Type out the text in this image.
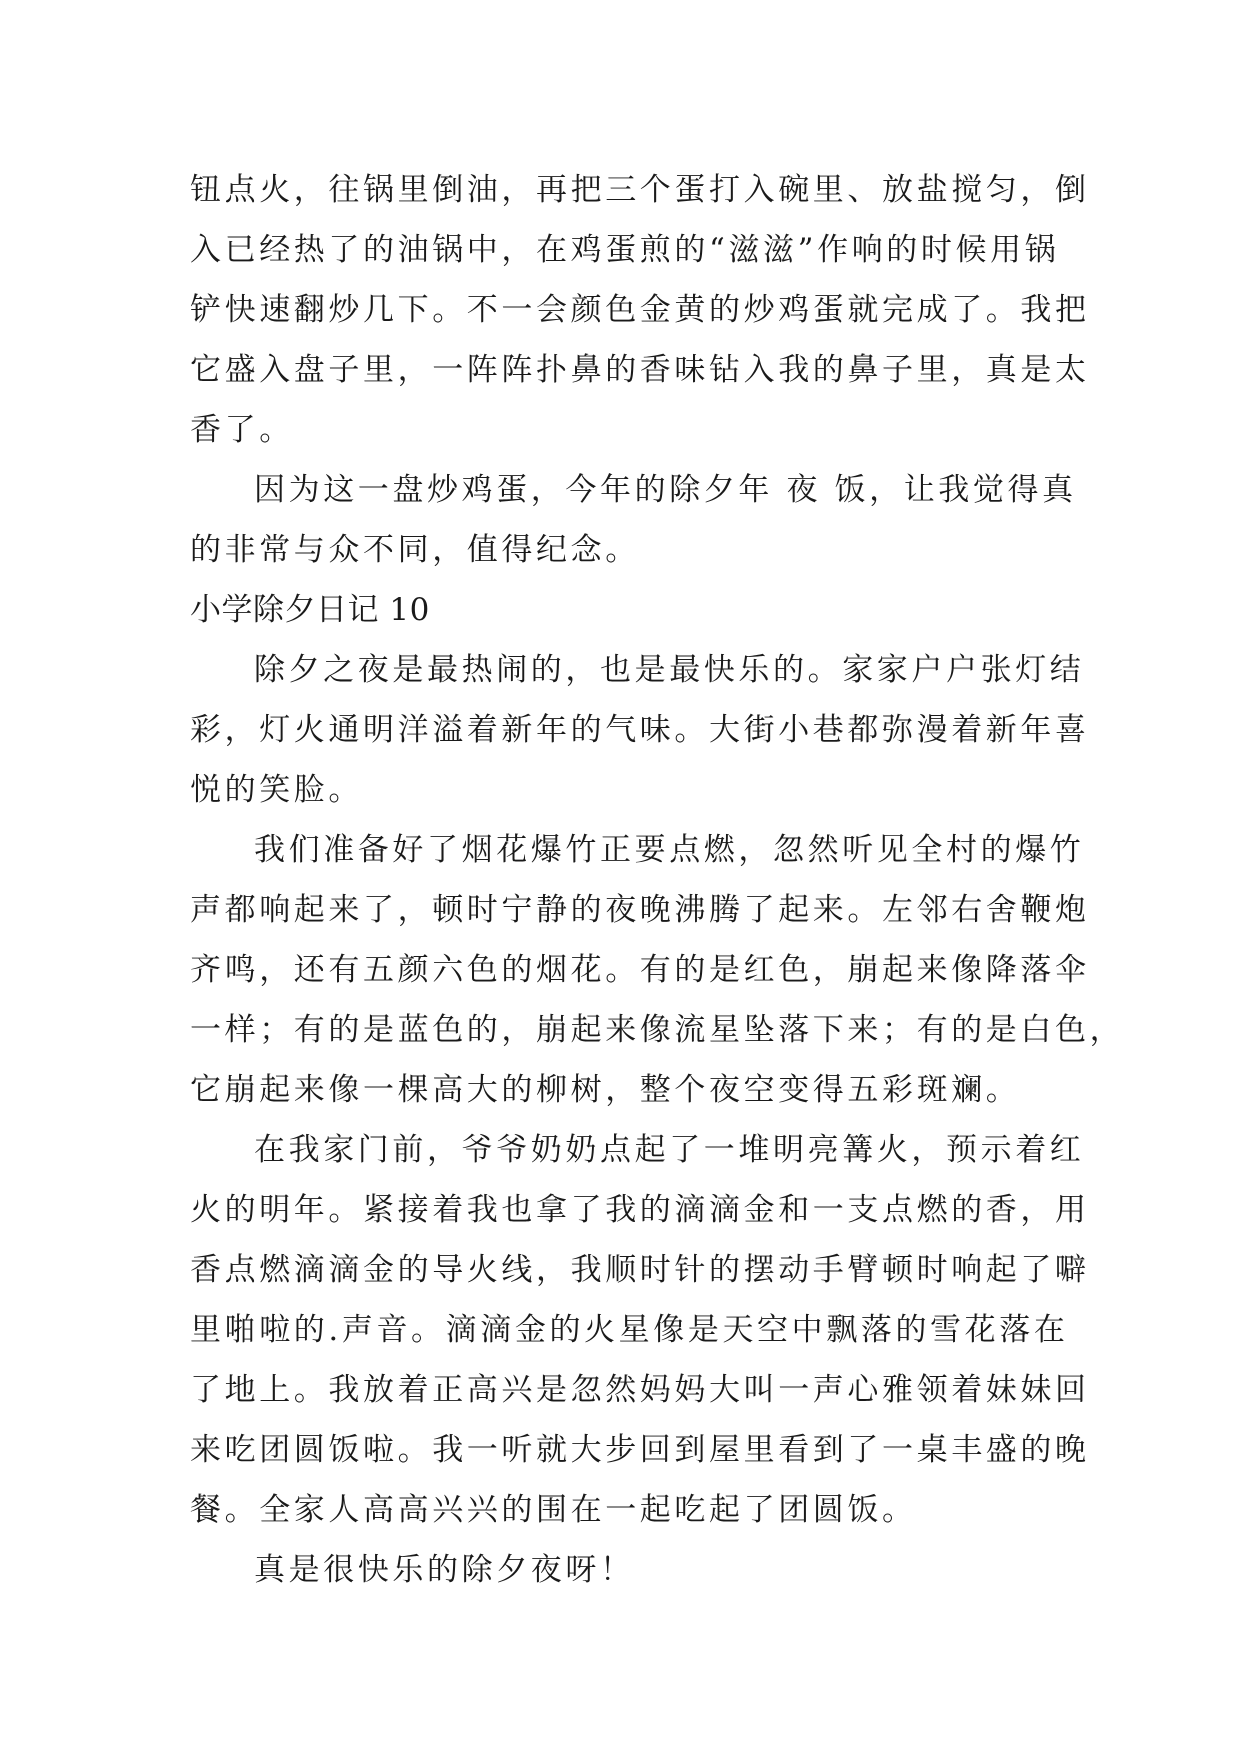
钮点火，往锅里倒油，再把三个蛋打入碗里、放盐搅匀，倒
入已经热了的油锅中，在鸡蛋煎的“滋滋”作响的时候用锅
铲快速翻炒几下。不一会颜色金黄的炒鸡蛋就完成了。我把
它盛入盘子里，一阵阵扑鼻的香味钻入我的鼻子里，真是太
香了。
因为这一盘炒鸡蛋，今年的除夕年 夜 饭，让我觉得真
的非常与众不同，值得纪念。
小学除夕日记 10
除夕之夜是最热闹的，也是最快乐的。家家户户张灯结
彩，灯火通明洋溢着新年的气味。大街小巷都弥漫着新年喜
悦的笑脸。
我们准备好了烟花爆竹正要点燃，忽然听见全村的爆竹
声都响起来了，顿时宁静的夜晚沸腾了起来。左邻右舍鞭炮
齐鸣，还有五颜六色的烟花。有的是红色，崩起来像降落伞
一样；有的是蓝色的，崩起来像流星坠落下来；有的是白色，
它崩起来像一棵高大的柳树，整个夜空变得五彩斑斓。
在我家门前，爷爷奶奶点起了一堆明亮篝火，预示着红
火的明年。紧接着我也拿了我的滴滴金和一支点燃的香，用
香点燃滴滴金的导火线，我顺时针的摆动手臂顿时响起了噼
里啪啦的.声音。滴滴金的火星像是天空中飘落的雪花落在
了地上。我放着正高兴是忽然妈妈大叫一声心雅领着妹妹回
来吃团圆饭啦。我一听就大步回到屋里看到了一桌丰盛的晚
餐。全家人高高兴兴的围在一起吃起了团圆饭。
真是很快乐的除夕夜呀！
